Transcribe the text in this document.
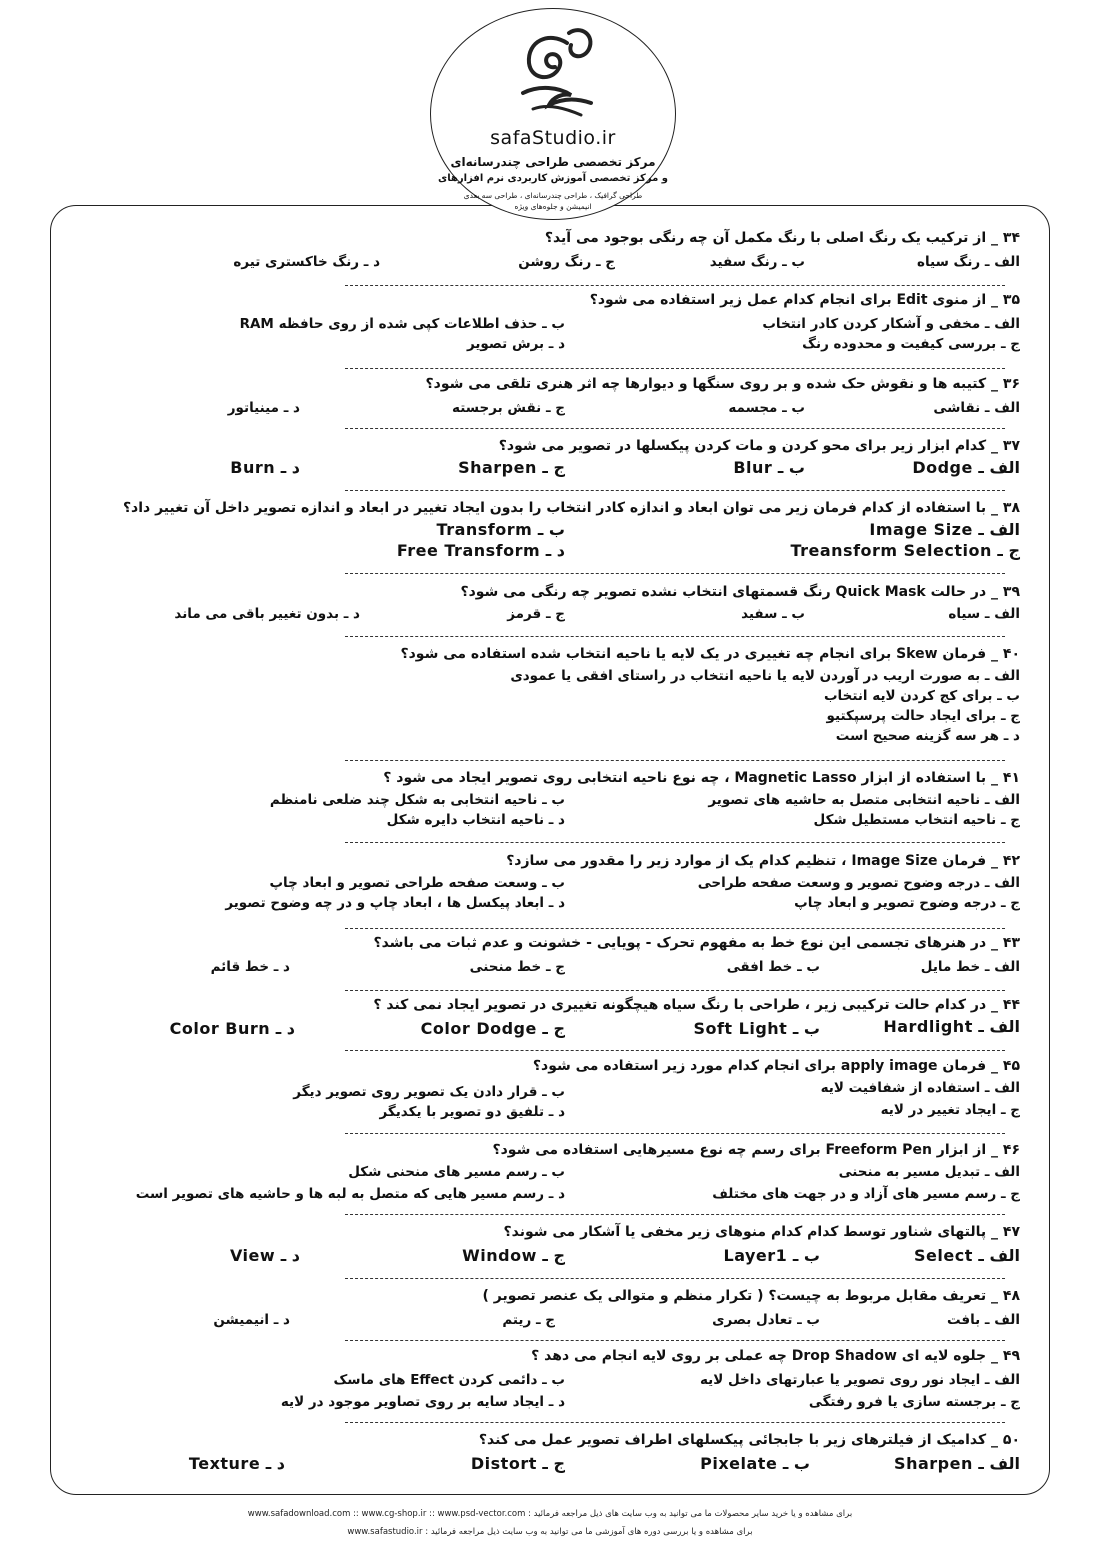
safaStudio.ir
مرکز تخصصی طراحی چندرسانه‌ای
و مرکز تخصصی آموزش کاربردی نرم افزارهای
طراحی گرافیک ، طراحی چندرسانه‌ای ، طراحی سه بعدی
انیمیشن و جلوه‌های ویژه
۳۴ _ از ترکیب یک رنگ اصلی با رنگ مکمل آن چه رنگی بوجود می آید؟
الف ـ رنگ سیاه
ب ـ رنگ سفید
ج ـ رنگ روشن
د ـ رنگ خاکستری تیره
۳۵ _ از منوی Edit برای انجام کدام عمل زیر استفاده می شود؟
الف ـ مخفی و آشکار کردن کادر انتخاب
ب ـ حذف اطلاعات کپی شده از روی حافظه RAM
ج ـ بررسی کیفیت و محدوده رنگ
د ـ برش تصویر
۳۶ _ کتیبه ها و نقوش حک شده و بر روی سنگها و دیوارها چه اثر هنری تلقی می شود؟
الف ـ نقاشی
ب ـ مجسمه
ج ـ نقش برجسته
د ـ مینیاتور
۳۷ _ کدام ابزار زیر برای محو کردن و مات کردن پیکسلها در تصویر می شود؟
الف ـ Dodge
ب ـ Blur
ج ـ Sharpen
د ـ Burn
۳۸ _ با استفاده از کدام فرمان زیر می توان ابعاد و اندازه کادر انتخاب را بدون ایجاد تغییر در ابعاد و اندازه تصویر داخل آن تغییر داد؟
الف ـ Image Size
ب ـ Transform
ج ـ Treansform Selection
د ـ Free Transform
۳۹ _ در حالت Quick Mask رنگ قسمتهای انتخاب نشده تصویر چه رنگی می شود؟
الف ـ سیاه
ب ـ سفید
ج ـ قرمز
د ـ بدون تغییر باقی می ماند
۴۰ _ فرمان Skew برای انجام چه تغییری در یک لایه یا ناحیه انتخاب شده استفاده می شود؟
الف ـ به صورت اریب در آوردن لایه یا ناحیه انتخاب در راستای افقی یا عمودی
ب ـ برای کج کردن لایه انتخاب
ج ـ برای ایجاد حالت پرسپکتیو
د ـ هر سه گزینه صحیح است
۴۱ _ با استفاده از ابزار Magnetic Lasso ، چه نوع ناحیه انتخابی روی تصویر ایجاد می شود ؟
الف ـ ناحیه انتخابی متصل به حاشیه های تصویر
ب ـ ناحیه انتخابی به شکل چند ضلعی نامنظم
ج ـ ناحیه انتخاب مستطیل شکل
د ـ ناحیه انتخاب دایره شکل
۴۲ _ فرمان Image Size ، تنظیم کدام یک از موارد زیر را مقدور می سازد؟
الف ـ درجه وضوح تصویر و وسعت صفحه طراحی
ب ـ وسعت صفحه طراحی تصویر و ابعاد چاپ
ج ـ درجه وضوح تصویر و ابعاد چاپ
د ـ ابعاد پیکسل ها ، ابعاد چاپ و در چه وضوح تصویر
۴۳ _ در هنرهای تجسمی این نوع خط به مفهوم تحرک - پویایی - خشونت و عدم ثبات می باشد؟
الف ـ خط مایل
ب ـ خط افقی
ج ـ خط منحنی
د ـ خط قائم
۴۴ _ در کدام حالت ترکیبی زیر ، طراحی با رنگ سیاه هیچگونه تغییری در تصویر ایجاد نمی کند ؟
الف ـ Hardlight
ب ـ Soft Light
ج ـ Color Dodge
د ـ Color Burn
۴۵ _ فرمان apply image برای انجام کدام مورد زیر استفاده می شود؟
الف ـ استفاده از شفافیت لایه
ب ـ قرار دادن یک تصویر روی تصویر دیگر
ج ـ ایجاد تغییر در لایه
د ـ تلفیق دو تصویر با یکدیگر
۴۶ _ از ابزار Freeform Pen برای رسم چه نوع مسیرهایی استفاده می شود؟
الف ـ تبدیل مسیر به منحنی
ب ـ رسم مسیر های منحنی شکل
ج ـ رسم مسیر های آزاد و در جهت های مختلف
د ـ رسم مسیر هایی که متصل به لبه ها و حاشیه های تصویر است
۴۷ _ پالتهای شناور توسط کدام کدام منوهای زیر مخفی یا آشکار می شوند؟
الف ـ Select
ب ـ Layer1
ج ـ Window
د ـ View
۴۸ _ تعریف مقابل مربوط به چیست؟ ( تکرار منظم و متوالی یک عنصر تصویر )
الف ـ بافت
ب ـ تعادل بصری
ج ـ ریتم
د ـ انیمیشن
۴۹ _ جلوه لایه ای Drop Shadow چه عملی بر روی لایه انجام می دهد ؟
الف ـ ایجاد نور روی تصویر یا عبارتهای داخل لایه
ب ـ دائمی کردن Effect های ماسک
ج ـ برجسته سازی یا فرو رفتگی
د ـ ایجاد سایه بر روی تصاویر موجود در لایه
۵۰ _ کدامیک از فیلترهای زیر با جابجائی پیکسلهای اطراف تصویر عمل می کند؟
الف ـ Sharpen
ب ـ Pixelate
ج ـ Distort
د ـ Texture
www.safadownload.com :: www.cg-shop.ir :: www.psd-vector.com : برای مشاهده و یا خرید سایر محصولات ما می توانید به وب سایت های ذیل مراجعه فرمائید
www.safastudio.ir : برای مشاهده و یا بررسی دوره های آموزشی ما می توانید به وب سایت ذیل مراجعه فرمائید
